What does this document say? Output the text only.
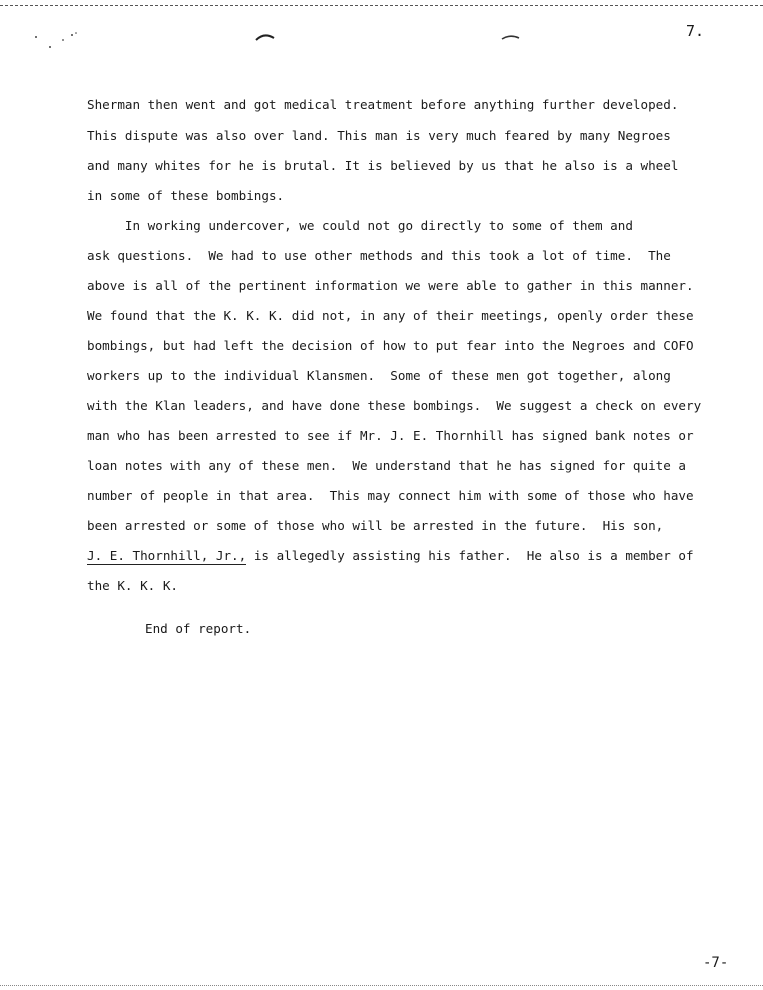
7.
Sherman then went and got medical treatment before anything further developed.
This dispute was also over land. This man is very much feared by many Negroes
and many whites for he is brutal. It is believed by us that he also is a wheel
in some of these bombings.
In working undercover, we could not go directly to some of them and
ask questions.  We had to use other methods and this took a lot of time.  The
above is all of the pertinent information we were able to gather in this manner.
We found that the K. K. K. did not, in any of their meetings, openly order these
bombings, but had left the decision of how to put fear into the Negroes and COFO
workers up to the individual Klansmen.  Some of these men got together, along
with the Klan leaders, and have done these bombings.  We suggest a check on every
man who has been arrested to see if Mr. J. E. Thornhill has signed bank notes or
loan notes with any of these men.  We understand that he has signed for quite a
number of people in that area.  This may connect him with some of those who have
been arrested or some of those who will be arrested in the future.  His son,
J. E. Thornhill, Jr., is allegedly assisting his father.  He also is a member of
the K. K. K.
End of report.
-7-
